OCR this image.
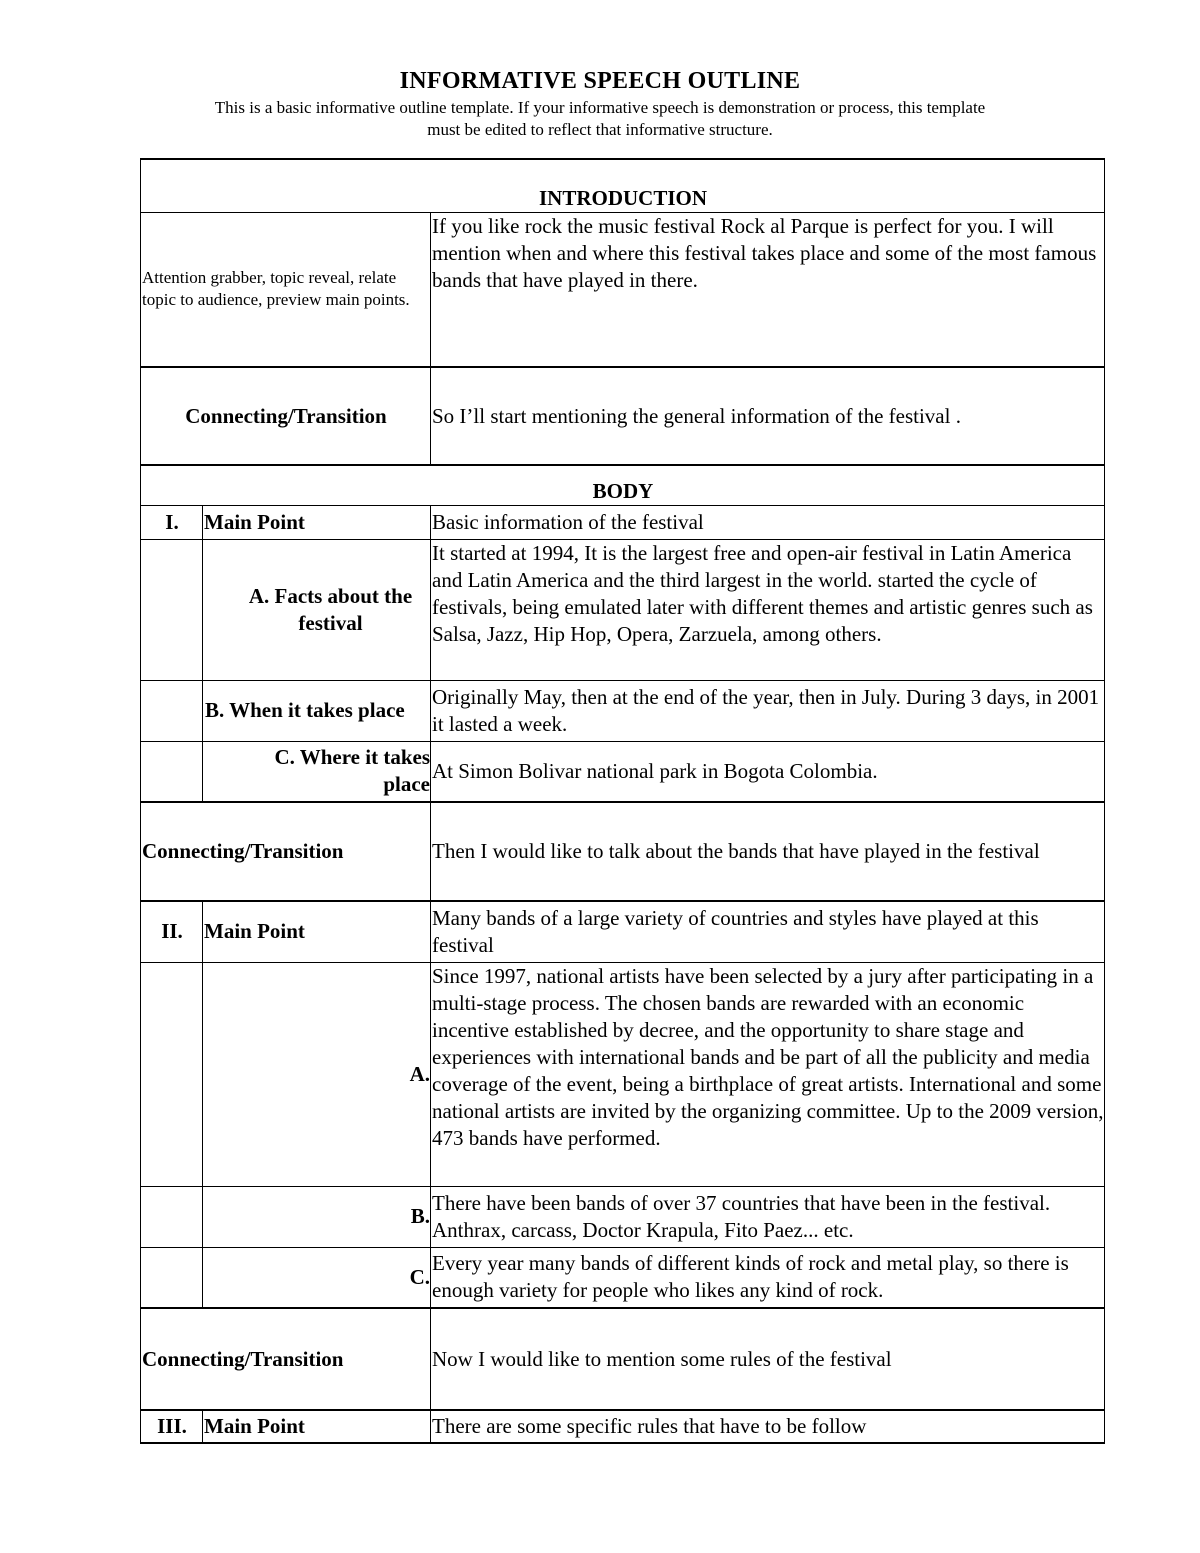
INFORMATIVE SPEECH OUTLINE
This is a basic informative outline template. If your informative speech is demonstration or process, this template
must be edited to reflect that informative structure.
INTRODUCTION		
Attention grabber, topic reveal, relate topic to audience, preview main points.		If you like rock the music festival Rock al Parque is perfect for you. I will mention when and where this festival takes place and some of the most famous bands that have played in there.
Connecting/Transition		So I’ll start mentioning the general information of the festival .
BODY		
I.	Main Point	Basic information of the festival
	A. Facts about the festival	It started at 1994, It is the largest free and open-air festival in Latin America and Latin America and the third largest in the world. started the cycle of festivals, being emulated later with different themes and artistic genres such as Salsa, Jazz, Hip Hop, Opera, Zarzuela, among others.
	B. When it takes place	Originally May, then at the end of the year, then in July. During 3 days, in 2001 it lasted a week.
	C. Where it takes place	At Simon Bolivar national park in Bogota Colombia.
Connecting/Transition		Then I would like to talk about the bands that have played in the festival
II.	Main Point	Many bands of a large variety of countries and styles have played at this festival
	A.	Since 1997, national artists have been selected by a jury after participating in a multi-stage process. The chosen bands are rewarded with an economic incentive established by decree, and the opportunity to share stage and experiences with international bands and be part of all the publicity and media coverage of the event, being a birthplace of great artists. International and some national artists are invited by the organizing committee. Up to the 2009 version, 473 bands have performed.
	B.	There have been bands of over 37 countries that have been in the festival. Anthrax, carcass, Doctor Krapula, Fito Paez... etc.
	C.	Every year many bands of different kinds of rock and metal play, so there is enough variety for people who likes any kind of rock.
Connecting/Transition		Now I would like to mention some rules of the festival
III.	Main Point	There are some specific rules that have to be follow
